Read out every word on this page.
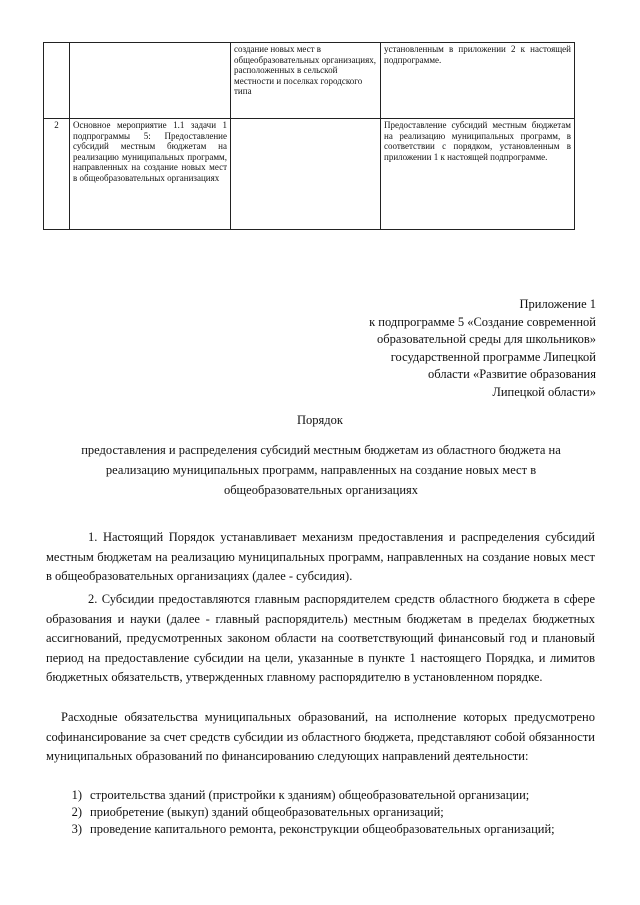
		создание новых мест в общеобразовательных организациях, расположенных в сельской местности и поселках городского типа	установленным в приложении 2 к настоящей подпрограмме.
2	Основное мероприятие 1.1 задачи 1 подпрограммы 5: Предоставление субсидий местным бюджетам на реализацию муниципальных программ, направленных на создание новых мест в общеобразовательных организациях		Предоставление субсидий местным бюджетам на реализацию муниципальных программ, в соответствии с порядком, установленным в приложении 1 к настоящей подпрограмме.
Приложение 1
к подпрограмме 5 «Создание современной
образовательной среды для школьников»
государственной программе Липецкой
области «Развитие образования
Липецкой области»
Порядок
предоставления и распределения субсидий местным бюджетам из областного бюджета на
реализацию муниципальных программ, направленных на создание новых мест в
общеобразовательных организациях

1. Настоящий Порядок устанавливает механизм предоставления и распределения субсидий местным бюджетам на реализацию муниципальных программ, направленных на создание новых мест в общеобразовательных организациях (далее - субсидия).

2. Субсидии предоставляются главным распорядителем средств областного бюджета в сфере образования и науки (далее - главный распорядитель) местным бюджетам в пределах бюджетных ассигнований, предусмотренных законом области на соответствующий финансовый год и плановый период на предоставление субсидии на цели, указанные в пункте 1 настоящего Порядка, и лимитов бюджетных обязательств, утвержденных главному распорядителю в установленном порядке.

Расходные обязательства муниципальных образований, на исполнение которых предусмотрено софинансирование за счет средств субсидии из областного бюджета, представляют собой обязанности муниципальных образований по финансированию следующих направлений деятельности:

1) строительства зданий (пристройки к зданиям) общеобразовательной организации;
2) приобретение (выкуп) зданий общеобразовательных организаций;
3) проведение капитального ремонта, реконструкции общеобразовательных организаций;
